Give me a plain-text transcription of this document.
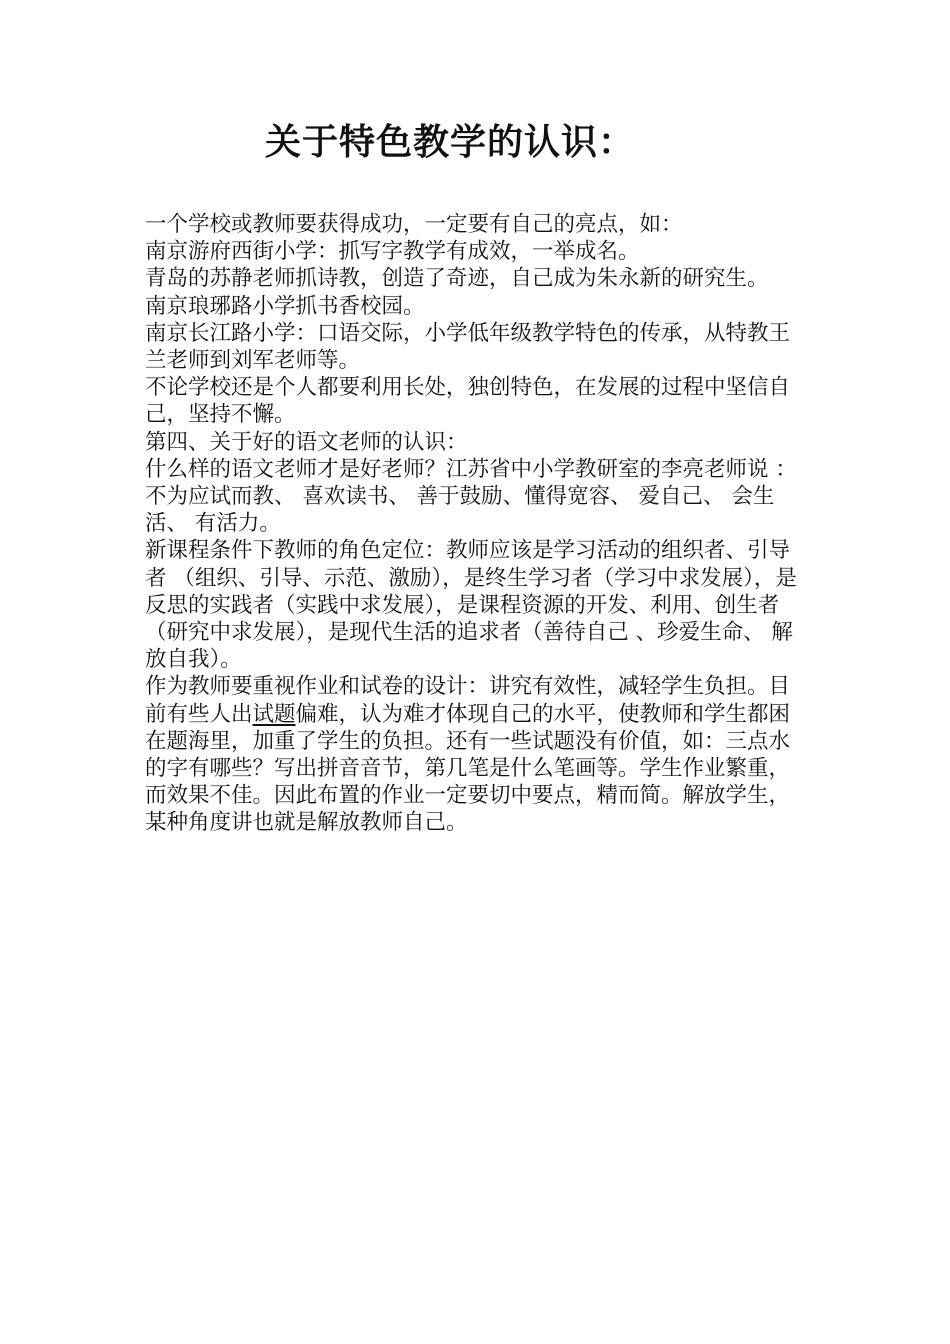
关于特色教学的认识：

一个学校或教师要获得成功，一定要有自己的亮点，如：

南京游府西街小学：抓写字教学有成效，一举成名。

青岛的苏静老师抓诗教，创造了奇迹，自己成为朱永新的研究生。

南京琅琊路小学抓书香校园。

南京长江路小学：口语交际，小学低年级教学特色的传承，从特教王兰老师到刘军老师等。

不论学校还是个人都要利用长处，独创特色，在发展的过程中坚信自己，坚持不懈。

第四、关于好的语文老师的认识：

什么样的语文老师才是好老师？江苏省中小学教研室的李亮老师说 ：不为应试而教、 喜欢读书、 善于鼓励、懂得宽容、 爱自己、 会生活、 有活力。

新课程条件下教师的角色定位：教师应该是学习活动的组织者、引导者 （组织、引导、示范、激励），是终生学习者（学习中求发展），是反思的实践者（实践中求发展），是课程资源的开发、利用、创生者 （研究中求发展），是现代生活的追求者（善待自己 、珍爱生命、 解放自我）。

作为教师要重视作业和试卷的设计：讲究有效性，减轻学生负担。目前有些人出试题偏难，认为难才体现自己的水平，使教师和学生都困在题海里，加重了学生的负担。还有一些试题没有价值，如：三点水的字有哪些？写出拼音音节，第几笔是什么笔画等。学生作业繁重，而效果不佳。因此布置的作业一定要切中要点，精而简。解放学生，某种角度讲也就是解放教师自己。
